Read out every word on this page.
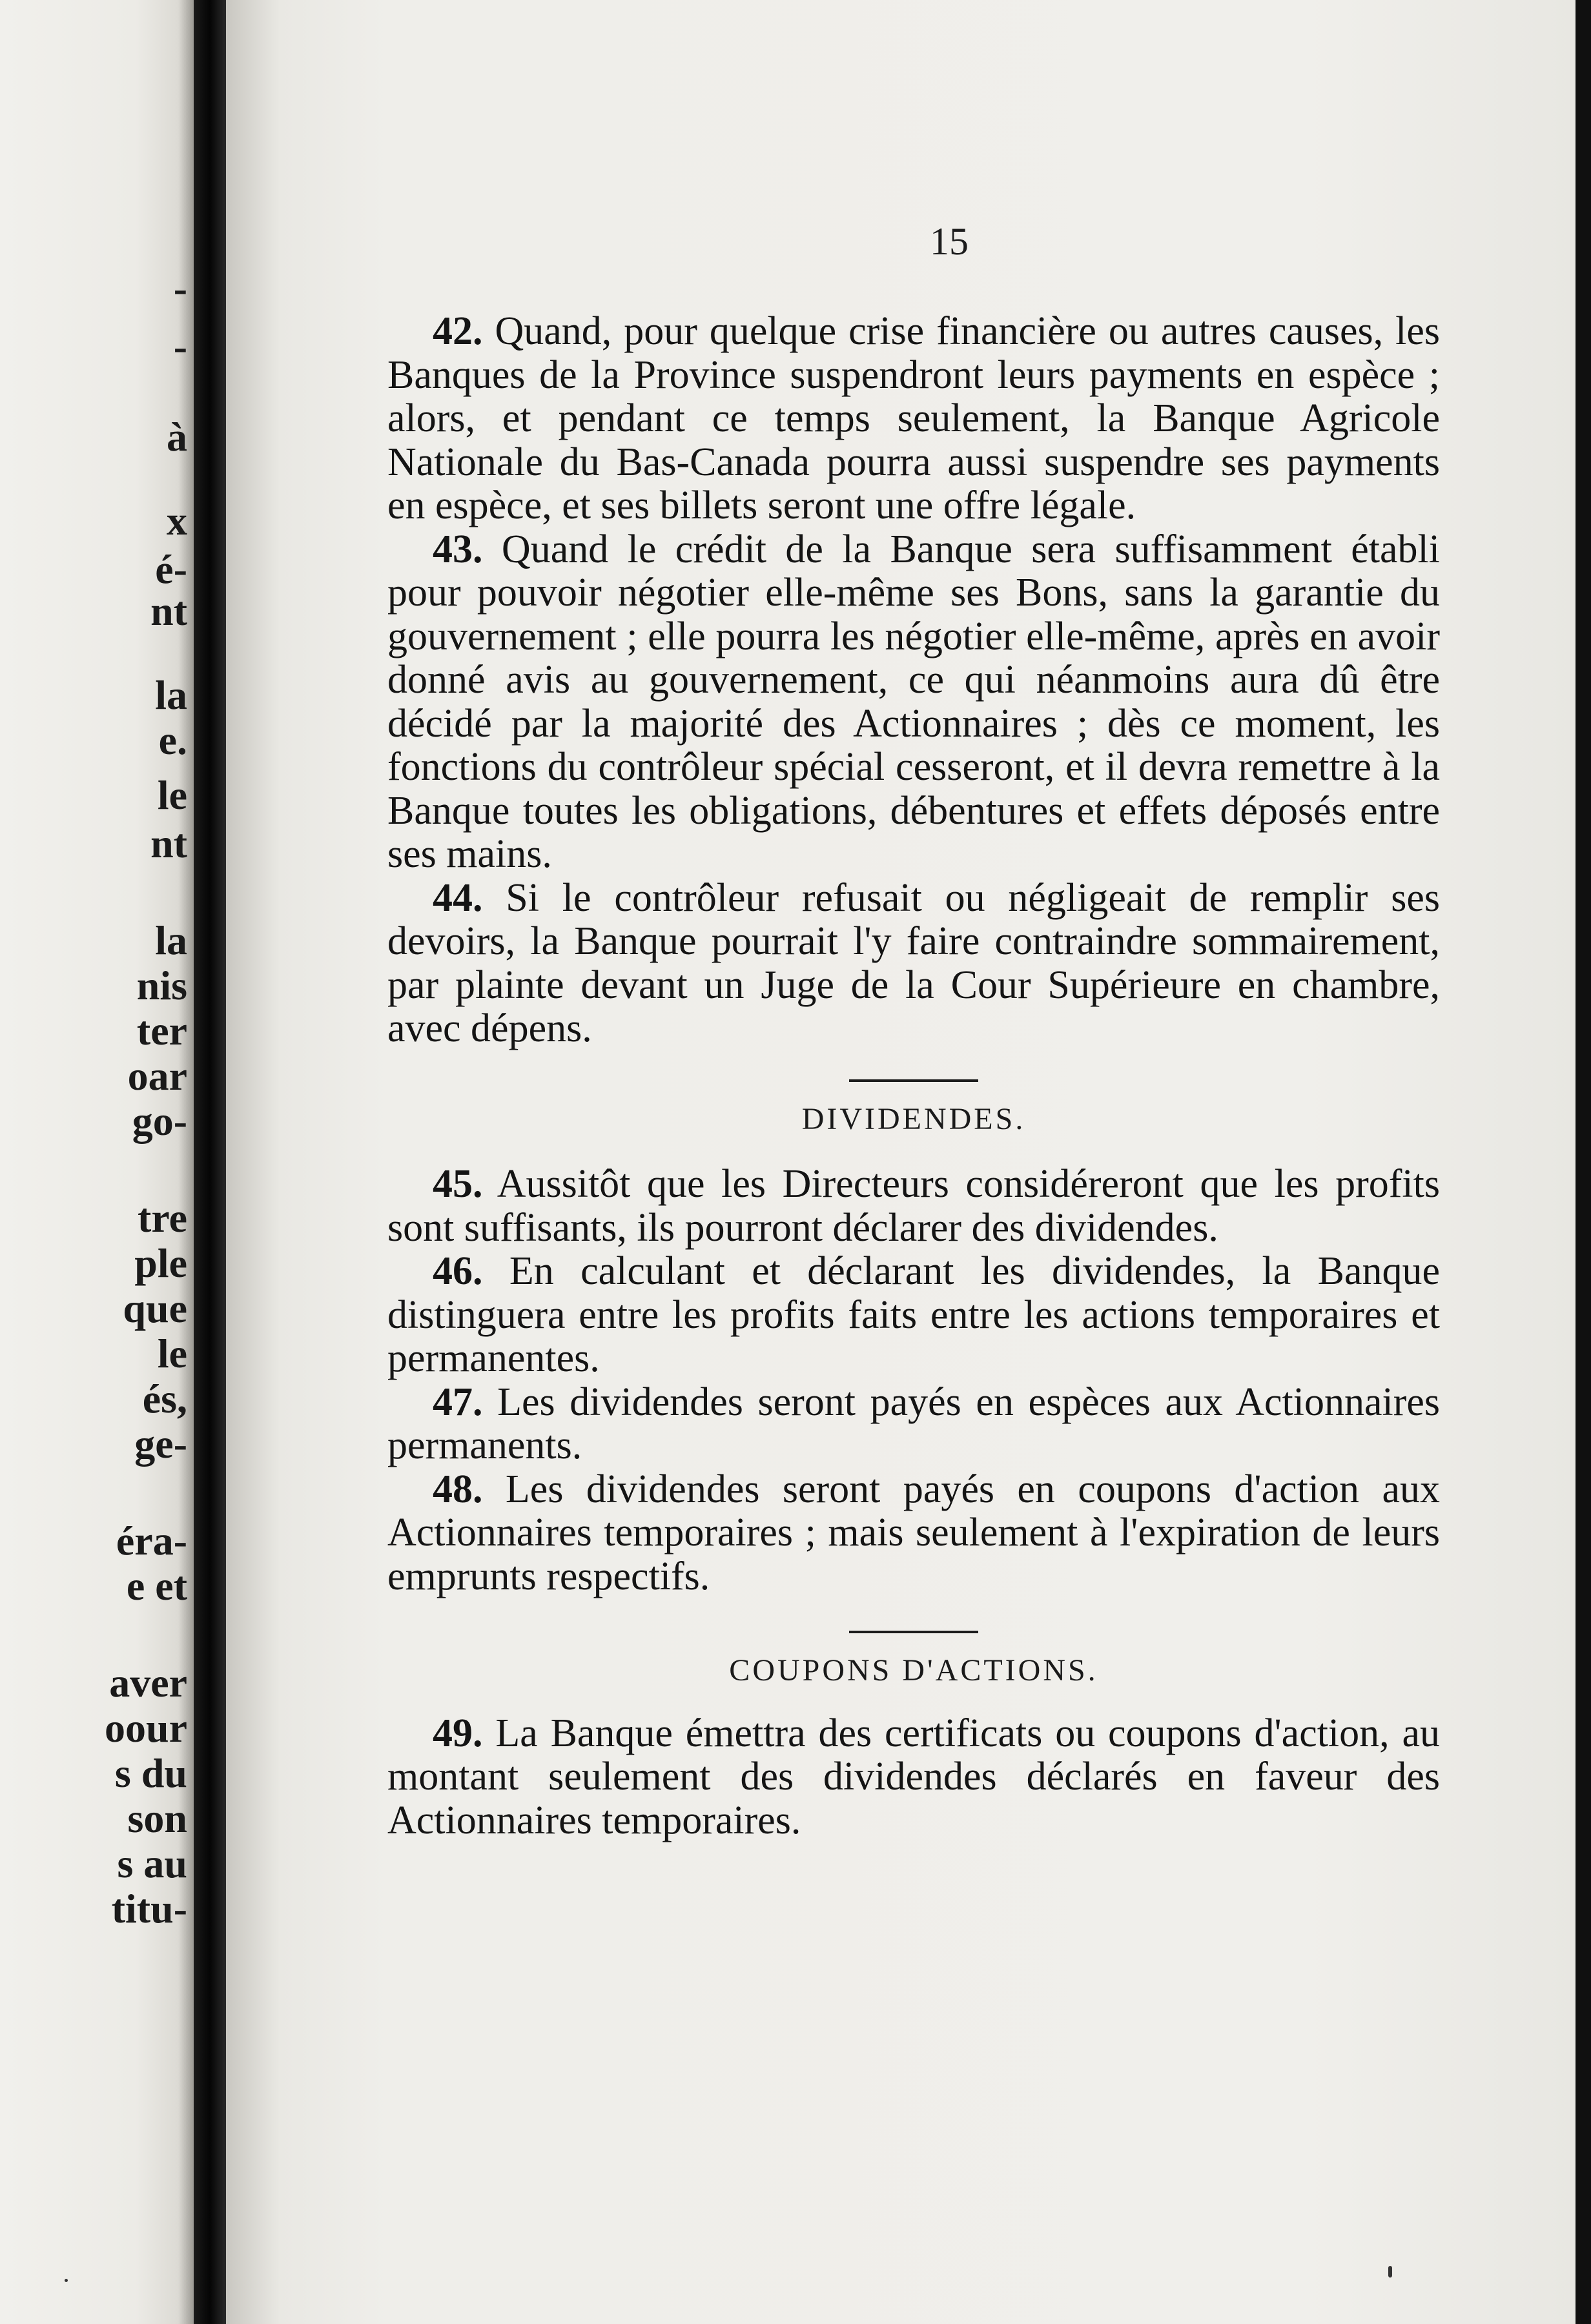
-
-
à
x
é-
nt
la
e.
le
nt
la
nis
ter
oar
go-
tre
ple
que
le
és,
ge-
éra-
e et
aver
oour
s du
son
s au
titu-
15

42. Quand, pour quelque crise financière ou autres causes, les Banques de la Province suspendront leurs payments en espèce ; alors, et pendant ce temps seulement, la Banque Agricole Nationale du Bas-Canada pourra aussi suspendre ses payments en espèce, et ses billets seront une offre légale.

43. Quand le crédit de la Banque sera suffisamment établi pour pouvoir négotier elle-même ses Bons, sans la garantie du gouvernement ; elle pourra les négotier elle-même, après en avoir donné avis au gouvernement, ce qui néanmoins aura dû être décidé par la majorité des Actionnaires ; dès ce moment, les fonctions du contrôleur spécial cesseront, et il devra remettre à la Banque toutes les obligations, débentures et effets déposés entre ses mains.

44. Si le contrôleur refusait ou négligeait de remplir ses devoirs, la Banque pourrait l'y faire contraindre sommairement, par plainte devant un Juge de la Cour Supérieure en chambre, avec dépens.

DIVIDENDES.

45. Aussitôt que les Directeurs considéreront que les profits sont suffisants, ils pourront déclarer des dividendes.

46. En calculant et déclarant les dividendes, la Banque distinguera entre les profits faits entre les actions temporaires et permanentes.

47. Les dividendes seront payés en espèces aux Actionnaires permanents.

48. Les dividendes seront payés en coupons d'action aux Actionnaires temporaires ; mais seulement à l'expiration de leurs emprunts respectifs.

COUPONS D'ACTIONS.

49. La Banque émettra des certificats ou coupons d'action, au montant seulement des dividendes déclarés en faveur des Actionnaires temporaires.
